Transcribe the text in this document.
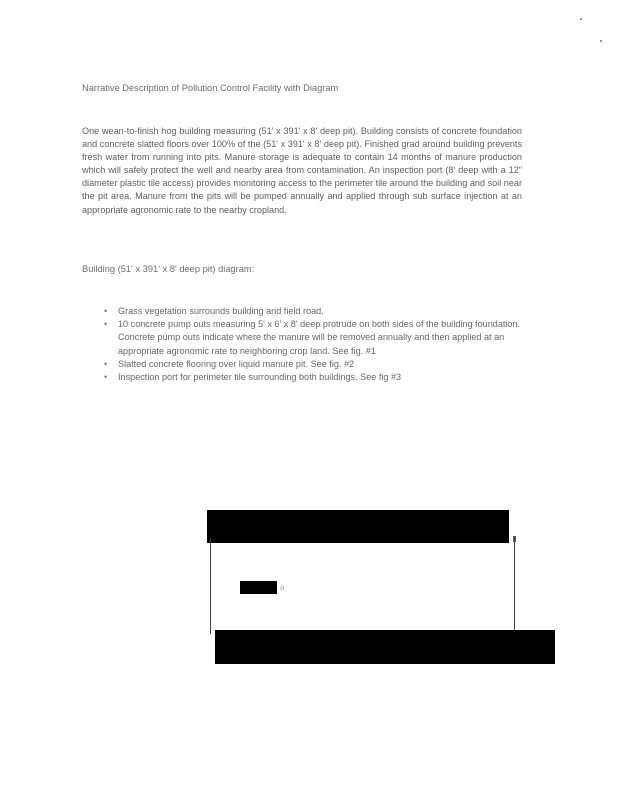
Narrative Description of Pollution Control Facility with Diagram

One wean-to-finish hog building measuring (51' x 391' x 8' deep pit). Building consists of concrete foundation and concrete slatted floors over 100% of the (51' x 391' x 8' deep pit). Finished grad around building prevents fresh water from running into pits. Manure storage is adequate to contain 14 months of manure production which will safely protect the well and nearby area from contamination. An inspection port (8' deep with a 12" diameter plastic tile access) provides monitoring access to the perimeter tile around the building and soil near the pit area. Manure from the pits will be pumped annually and applied through sub surface injection at an appropriate agronomic rate to the nearby cropland.

Building (51' x 391' x 8' deep pit) diagram:
• Grass vegetation surrounds building and field road.
• 10 concrete pump outs measuring 5' x 6' x 8' deep protrude on both sides of the building foundation. Concrete pump outs indicate where the manure will be removed annually and then applied at an appropriate agronomic rate to neighboring crop land. See fig. #1
• Slatted concrete flooring over liquid manure pit. See fig. #2
• Inspection port for perimeter tile surrounding both buildings. See fig #3
a
